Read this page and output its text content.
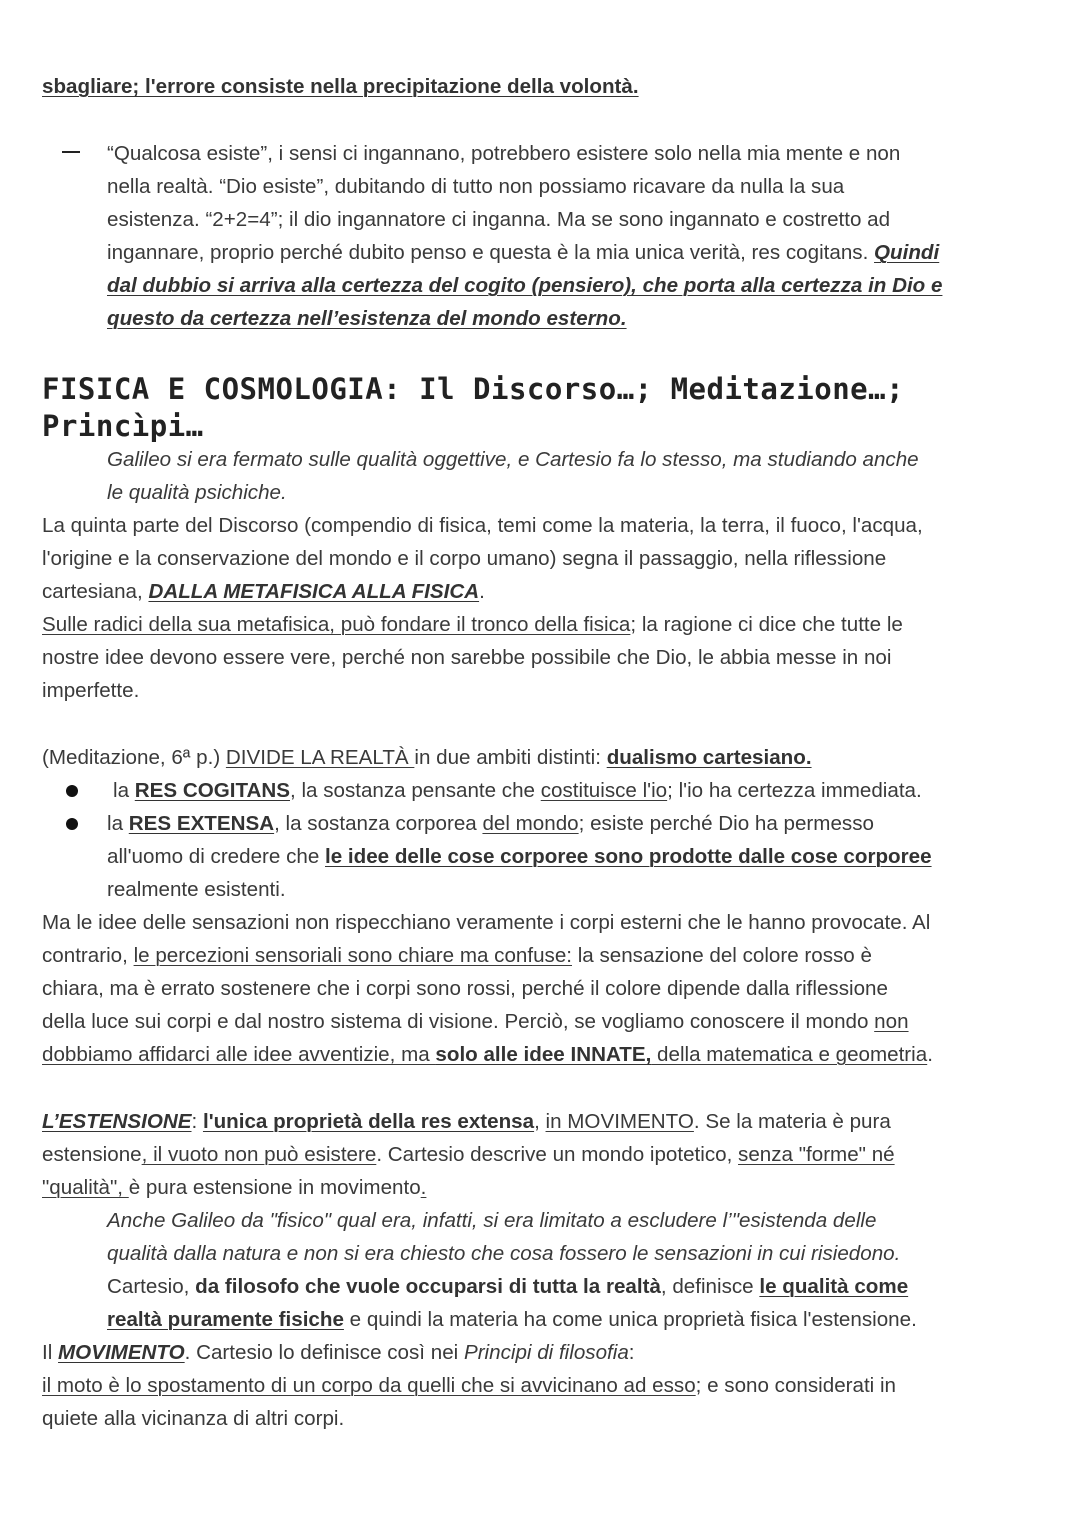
sbagliare; l'errore consiste nella precipitazione della volontà.
“Qualcosa esiste”, i sensi ci ingannano, potrebbero esistere solo nella mia mente e non
nella realtà. “Dio esiste”, dubitando di tutto non possiamo ricavare da nulla la sua
esistenza. “2+2=4”; il dio ingannatore ci inganna. Ma se sono ingannato e costretto ad
ingannare, proprio perché dubito penso e questa è la mia unica verità, res cogitans. Quindi
dal dubbio si arriva alla certezza del cogito (pensiero), che porta alla certezza in Dio e
questo da certezza nell’esistenza del mondo esterno.
FISICA E COSMOLOGIA: Il Discorso…; Meditazione…;
Princìpi…
Galileo si era fermato sulle qualità oggettive, e Cartesio fa lo stesso, ma studiando anche
le qualità psichiche.
La quinta parte del Discorso (compendio di fisica, temi come la materia, la terra, il fuoco, l'acqua,
l'origine e la conservazione del mondo e il corpo umano) segna il passaggio, nella riflessione
cartesiana, DALLA METAFISICA ALLA FISICA.
Sulle radici della sua metafisica, può fondare il tronco della fisica; la ragione ci dice che tutte le
nostre idee devono essere vere, perché non sarebbe possibile che Dio, le abbia messe in noi
imperfette.
(Meditazione, 6ª p.) DIVIDE LA REALTÀ in due ambiti distinti: dualismo cartesiano.
la RES COGITANS, la sostanza pensante che costituisce l'io; l'io ha certezza immediata.
la RES EXTENSA, la sostanza corporea del mondo; esiste perché Dio ha permesso
all'uomo di credere che le idee delle cose corporee sono prodotte dalle cose corporee
realmente esistenti.
Ma le idee delle sensazioni non rispecchiano veramente i corpi esterni che le hanno provocate. Al
contrario, le percezioni sensoriali sono chiare ma confuse: la sensazione del colore rosso è
chiara, ma è errato sostenere che i corpi sono rossi, perché il colore dipende dalla riflessione
della luce sui corpi e dal nostro sistema di visione. Perciò, se vogliamo conoscere il mondo non
dobbiamo affidarci alle idee avventizie, ma solo alle idee INNATE, della matematica e geometria.
L’ESTENSIONE: l'unica proprietà della res extensa, in MOVIMENTO. Se la materia è pura
estensione, il vuoto non può esistere. Cartesio descrive un mondo ipotetico, senza "forme" né
"qualità", è pura estensione in movimento.
Anche Galileo da "fisico" qual era, infatti, si era limitato a escludere l’"esistenda delle
qualità dalla natura e non si era chiesto che cosa fossero le sensazioni in cui risiedono.
Cartesio, da filosofo che vuole occuparsi di tutta la realtà, definisce le qualità come
realtà puramente fisiche e quindi la materia ha come unica proprietà fisica l'estensione.
Il MOVIMENTO. Cartesio lo definisce così nei Principi di filosofia:
il moto è lo spostamento di un corpo da quelli che si avvicinano ad esso; e sono considerati in
quiete alla vicinanza di altri corpi.
